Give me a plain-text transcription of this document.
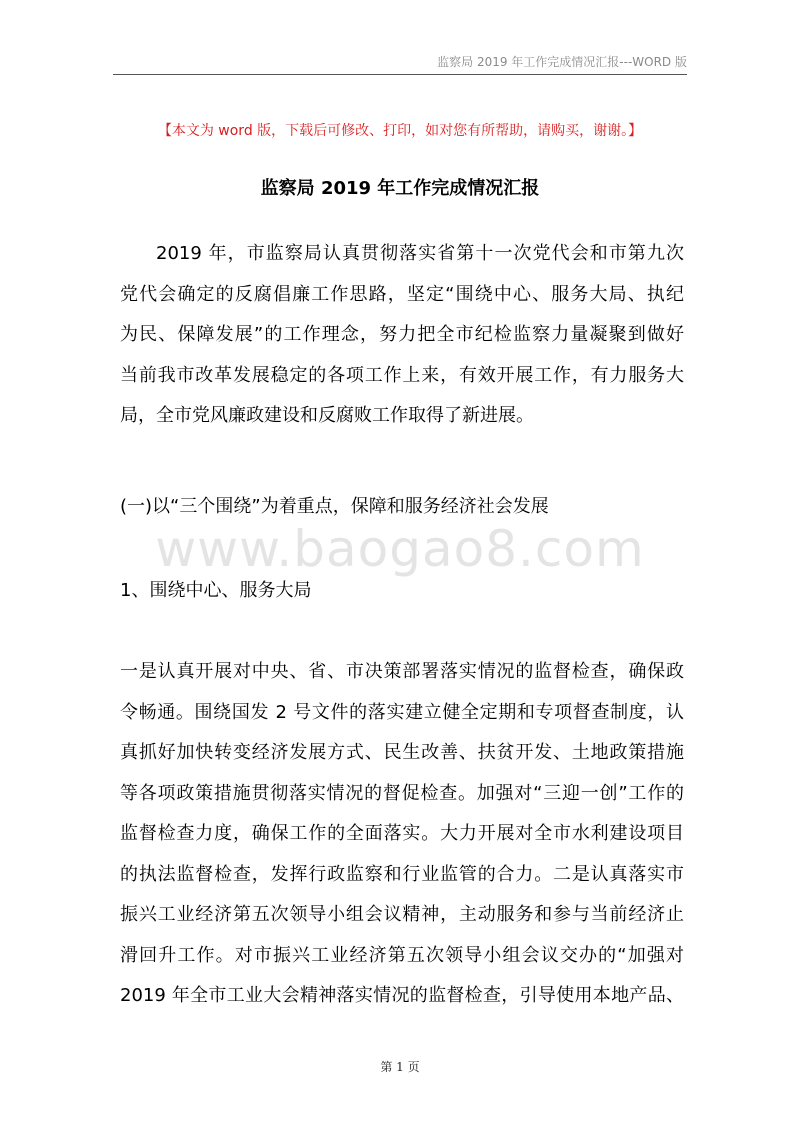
监察局 2019 年工作完成情况汇报---WORD 版
【本文为 word 版，下载后可修改、打印，如对您有所帮助，请购买，谢谢。】
监察局 2019 年工作完成情况汇报
2019 年，市监察局认真贯彻落实省第十一次党代会和市第九次
党代会确定的反腐倡廉工作思路，坚定“围绕中心、服务大局、执纪
为民、保障发展”的工作理念，努力把全市纪检监察力量凝聚到做好
当前我市改革发展稳定的各项工作上来，有效开展工作，有力服务大
局，全市党风廉政建设和反腐败工作取得了新进展。
(一)以“三个围绕”为着重点，保障和服务经济社会发展
www.baogao8.com
1、围绕中心、服务大局
一是认真开展对中央、省、市决策部署落实情况的监督检查，确保政
令畅通。围绕国发 2 号文件的落实建立健全定期和专项督查制度，认
真抓好加快转变经济发展方式、民生改善、扶贫开发、土地政策措施
等各项政策措施贯彻落实情况的督促检查。加强对“三迎一创”工作的
监督检查力度，确保工作的全面落实。大力开展对全市水利建设项目
的执法监督检查，发挥行政监察和行业监管的合力。二是认真落实市
振兴工业经济第五次领导小组会议精神，主动服务和参与当前经济止
滑回升工作。对市振兴工业经济第五次领导小组会议交办的“加强对
2019 年全市工业大会精神落实情况的监督检查，引导使用本地产品、
第 1 页
